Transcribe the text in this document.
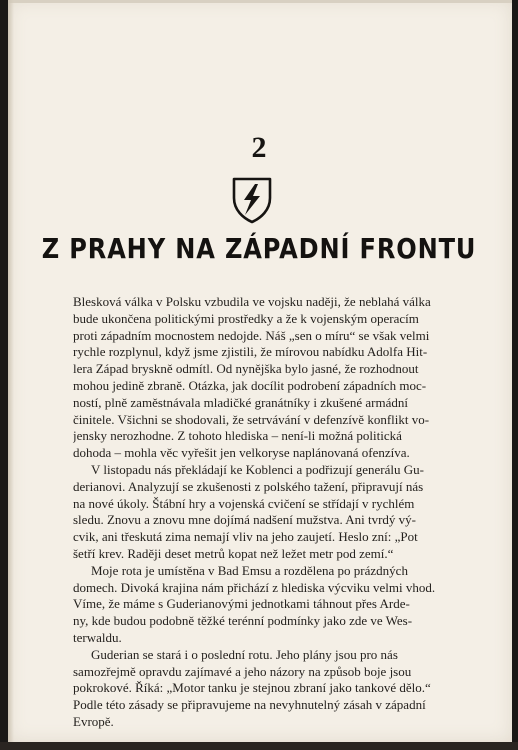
2
Z PRAHY NA ZÁPADNÍ FRONTU
Blesková válka v Polsku vzbudila ve vojsku naději, že neblahá válka
bude ukončena politickými prostředky a že k vojenským operacím
proti západním mocnostem nedojde. Náš „sen o míru“ se však velmi
rychle rozplynul, když jsme zjistili, že mírovou nabídku Adolfa Hit-
lera Západ bryskně odmítl. Od nynějška bylo jasné, že rozhodnout
mohou jedině zbraně. Otázka, jak docílit podrobení západních moc-
ností, plně zaměstnávala mladičké granátníky i zkušené armádní
činitele. Všichni se shodovali, že setrvávání v defenzívě konflikt vo-
jensky nerozhodne. Z tohoto hlediska – není-li možná politická
dohoda – mohla věc vyřešit jen velkoryse naplánovaná ofenzíva.
V listopadu nás překládají ke Koblenci a podřizují generálu Gu-
derianovi. Analyzují se zkušenosti z polského tažení, připravují nás
na nové úkoly. Štábní hry a vojenská cvičení se střídají v rychlém
sledu. Znovu a znovu mne dojímá nadšení mužstva. Ani tvrdý vý-
cvik, ani třeskutá zima nemají vliv na jeho zaujetí. Heslo zní: „Pot
šetří krev. Raději deset metrů kopat než ležet metr pod zemí.“
Moje rota je umístěna v Bad Emsu a rozdělena po prázdných
domech. Divoká krajina nám přichází z hlediska výcviku velmi vhod.
Víme, že máme s Guderianovými jednotkami táhnout přes Arde-
ny, kde budou podobně těžké terénní podmínky jako zde ve Wes-
terwaldu.
Guderian se stará i o poslední rotu. Jeho plány jsou pro nás
samozřejmě opravdu zajímavé a jeho názory na způsob boje jsou
pokrokové. Říká: „Motor tanku je stejnou zbraní jako tankové dělo.“
Podle této zásady se připravujeme na nevyhnutelný zásah v západní
Evropě.
